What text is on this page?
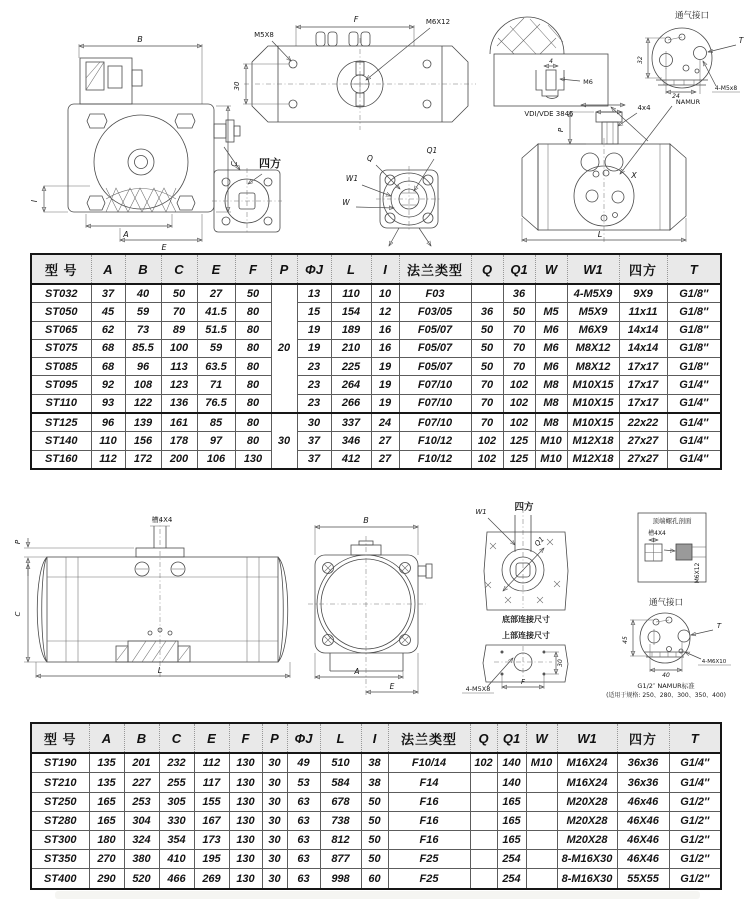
B
C
I
A
E
F
M5X8
M6X12
30
四方	Q
Q1
W1
W
4
M6
VDI/VDE 3845
通气接口
T
4-M5x8
NAMUR
32
24
4x4
P
X
L
型 号	A	B	C	E	F	P	ΦJ	L	I	法兰类型	Q	Q1	W	W1	四方	T
ST032	37	40	50	27	50	20	13	110	10	F03		36		4-M5X9	9X9	G1/8″
ST050	45	59	70	41.5	80		15	154	12	F03/05	36	50	M5	M5X9	11x11	G1/8″
ST065	62	73	89	51.5	80		19	189	16	F05/07	50	70	M6	M6X9	14x14	G1/8″
ST075	68	85.5	100	59	80		19	210	16	F05/07	50	70	M6	M8X12	14x14	G1/8″
ST085	68	96	113	63.5	80		23	225	19	F05/07	50	70	M6	M8X12	17x17	G1/8″
ST095	92	108	123	71	80		23	264	19	F07/10	70	102	M8	M10X15	17x17	G1/4″
ST110	93	122	136	76.5	80		23	266	19	F07/10	70	102	M8	M10X15	17x17	G1/4″
ST125	96	139	161	85	80	30	30	337	24	F07/10	70	102	M8	M10X15	22x22	G1/4″
ST140	110	156	178	97	80		37	346	27	F10/12	102	125	M10	M12X18	27x27	G1/4″
ST160	112	172	200	106	130		37	412	27	F10/12	102	125	M10	M12X18	27x27	G1/4″
槽4X4
P
C
L
B
A
E
W1	四方
Q1
底部连接尺寸
上部连接尺寸
4-M5X8
F
30
顶端螺孔剖面
槽4X4
M6X12
通气接口
45
40
T
4-M6X10
G1/2″ NAMUR标准
(适用于规格: 250、280、300、350、400)
型 号	A	B	C	E	F	P	ΦJ	L	I	法兰类型	Q	Q1	W	W1	四方	T
ST190	135	201	232	112	130	30	49	510	38	F10/14	102	140	M10	M16X24	36x36	G1/4″
ST210	135	227	255	117	130	30	53	584	38	F14		140		M16X24	36x36	G1/4″
ST250	165	253	305	155	130	30	63	678	50	F16		165		M20X28	46x46	G1/2″
ST280	165	304	330	167	130	30	63	738	50	F16		165		M20X28	46X46	G1/2″
ST300	180	324	354	173	130	30	63	812	50	F16		165		M20X28	46X46	G1/2″
ST350	270	380	410	195	130	30	63	877	50	F25		254		8-M16X30	46X46	G1/2″
ST400	290	520	466	269	130	30	63	998	60	F25		254		8-M16X30	55X55	G1/2″
